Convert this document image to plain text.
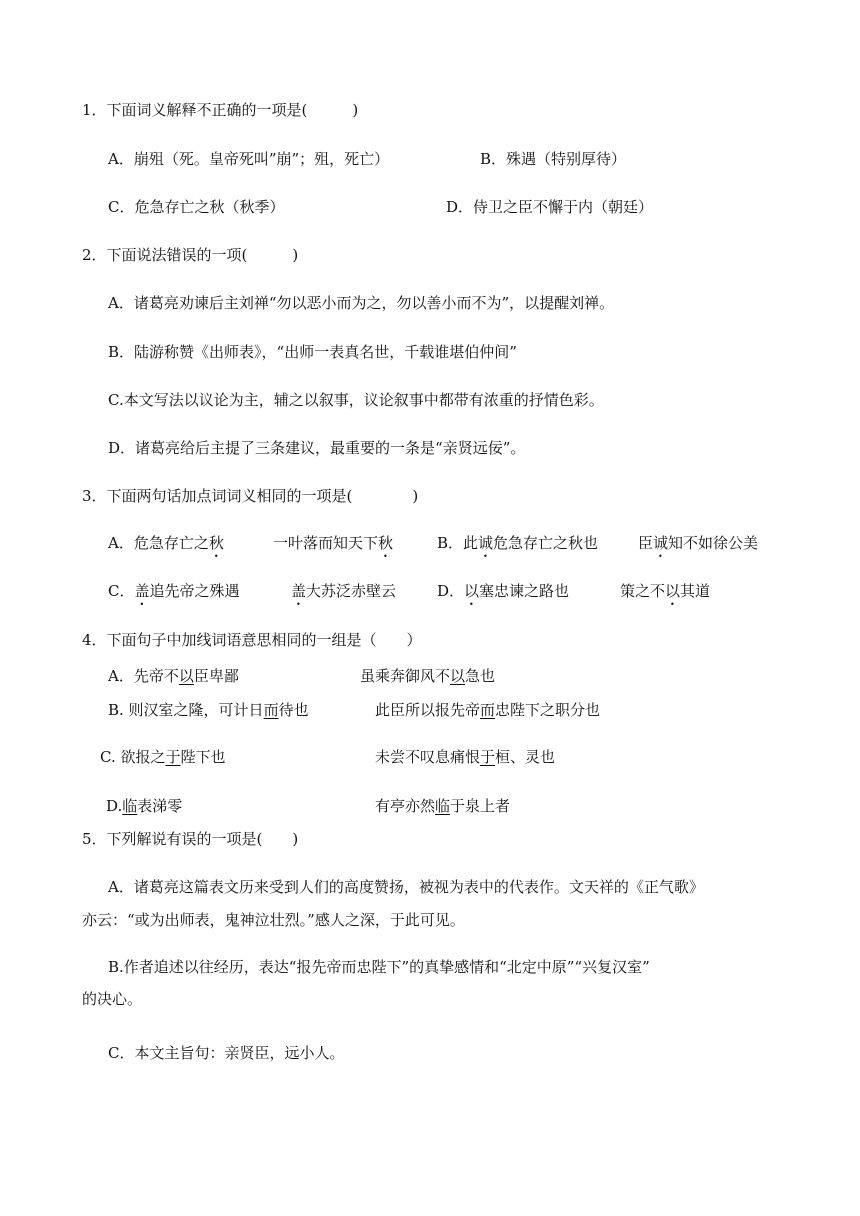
1．下面词义解释不正确的一项是(　　　)
A．崩殂（死。皇帝死叫”崩”；殂，死亡）	B．殊遇（特别厚待）
C．危急存亡之秋（秋季）	D．侍卫之臣不懈于内（朝廷）
2．下面说法错误的一项(　　　)
A．诸葛亮劝谏后主刘禅“勿以恶小而为之，勿以善小而不为”，以提醒刘禅。
B．陆游称赞《出师表》，“出师一表真名世，千载谁堪伯仲间”
C.本文写法以议论为主，辅之以叙事，议论叙事中都带有浓重的抒情色彩。
D．诸葛亮给后主提了三条建议，最重要的一条是“亲贤远佞”。
3．下面两句话加点词词义相同的一项是(　　　　)
A．危急存亡之秋	一叶落而知天下秋	B．此诚危急存亡之秋也	臣诚知不如徐公美
C．盖追先帝之殊遇	盖大苏泛赤壁云	D．以塞忠谏之路也	策之不以其道
4．下面句子中加线词语意思相同的一组是（　　）
A．先帝不以臣卑鄙	虽乘奔御风不以急也
B. 则汉室之隆，可计日而待也	此臣所以报先帝而忠陛下之职分也
C. 欲报之于陛下也	未尝不叹息痛恨于桓、灵也
D.临表涕零	有亭亦然临于泉上者
5．下列解说有误的一项是(　　)
A．诸葛亮这篇表文历来受到人们的高度赞扬，被视为表中的代表作。文天祥的《正气歌》
亦云：“或为出师表，鬼神泣壮烈。”感人之深，于此可见。
B.作者追述以往经历，表达“报先帝而忠陛下”的真挚感情和“北定中原”“兴复汉室”
的决心。
C．本文主旨句：亲贤臣，远小人。
